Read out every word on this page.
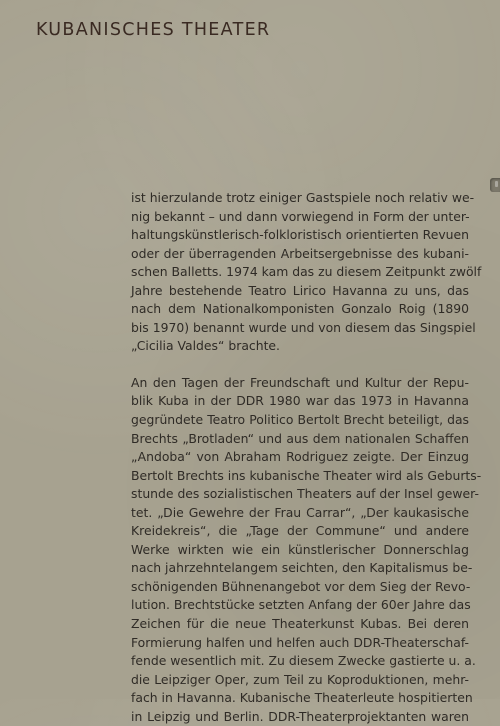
KUBANISCHES THEATER

ist hierzulande trotz einiger Gastspiele noch relativ we-
nig bekannt – und dann vorwiegend in Form der unter-
haltungskünstlerisch-folkloristisch orientierten Revuen
oder der überragenden Arbeitsergebnisse des kubani-
schen Balletts. 1974 kam das zu diesem Zeitpunkt zwölf
Jahre bestehende Teatro Lirico Havanna zu uns, das
nach dem Nationalkomponisten Gonzalo Roig (1890
bis 1970) benannt wurde und von diesem das Singspiel
„Cicilia Valdes“ brachte.

An den Tagen der Freundschaft und Kultur der Repu-
blik Kuba in der DDR 1980 war das 1973 in Havanna
gegründete Teatro Politico Bertolt Brecht beteiligt, das
Brechts „Brotladen“ und aus dem nationalen Schaffen
„Andoba“ von Abraham Rodriguez zeigte. Der Einzug
Bertolt Brechts ins kubanische Theater wird als Geburts-
stunde des sozialistischen Theaters auf der Insel gewer-
tet. „Die Gewehre der Frau Carrar“, „Der kaukasische
Kreidekreis“, die „Tage der Commune“ und andere
Werke wirkten wie ein künstlerischer Donnerschlag
nach jahrzehntelangem seichten, den Kapitalismus be-
schönigenden Bühnenangebot vor dem Sieg der Revo-
lution. Brechtstücke setzten Anfang der 60er Jahre das
Zeichen für die neue Theaterkunst Kubas. Bei deren
Formierung halfen und helfen auch DDR-Theaterschaf-
fende wesentlich mit. Zu diesem Zwecke gastierte u. a.
die Leipziger Oper, zum Teil zu Koproduktionen, mehr-
fach in Havanna. Kubanische Theaterleute hospitierten
in Leipzig und Berlin. DDR-Theaterprojektanten waren
